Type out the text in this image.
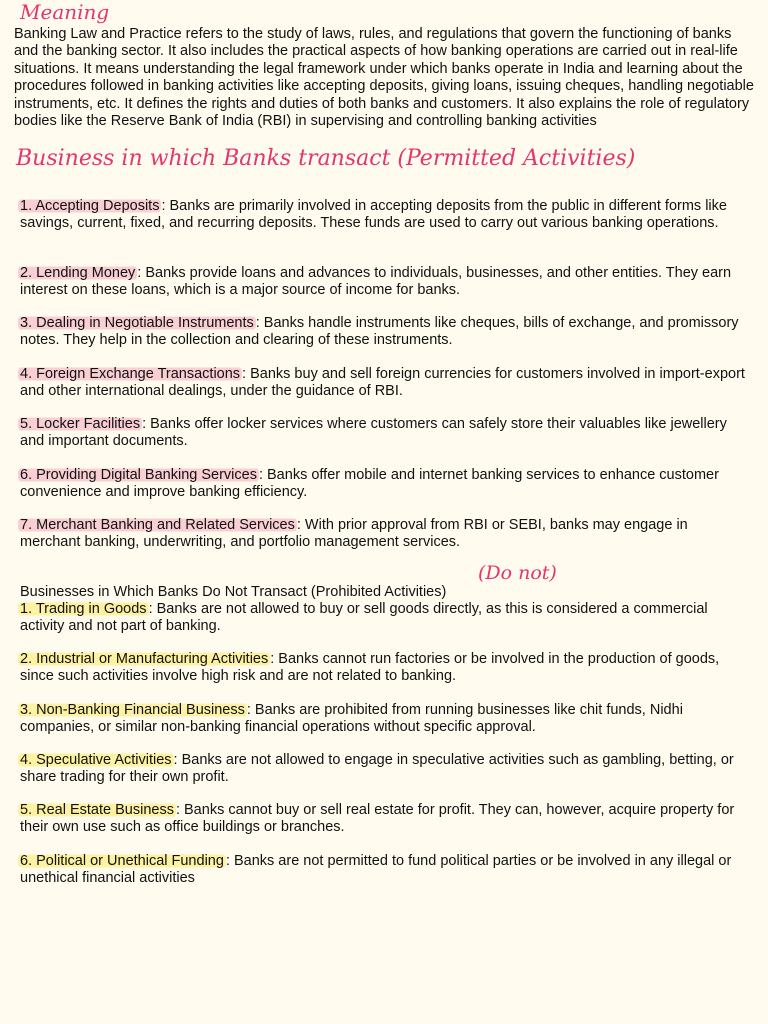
Meaning

Banking Law and Practice refers to the study of laws, rules, and regulations that govern the functioning of banks and the banking sector. It also includes the practical aspects of how banking operations are carried out in real-life situations. It means understanding the legal framework under which banks operate in India and learning about the procedures followed in banking activities like accepting deposits, giving loans, issuing cheques, handling negotiable instruments, etc. It defines the rights and duties of both banks and customers. It also explains the role of regulatory bodies like the Reserve Bank of India (RBI) in supervising and controlling banking activities

Business in which Banks transact (Permitted Activities)

1. Accepting Deposits : Banks are primarily involved in accepting deposits from the public in different forms like savings, current, fixed, and recurring deposits. These funds are used to carry out various banking operations.

2. Lending Money : Banks provide loans and advances to individuals, businesses, and other entities. They earn interest on these loans, which is a major source of income for banks.

3. Dealing in Negotiable Instruments : Banks handle instruments like cheques, bills of exchange, and promissory notes. They help in the collection and clearing of these instruments.

4. Foreign Exchange Transactions : Banks buy and sell foreign currencies for customers involved in import-export and other international dealings, under the guidance of RBI.

5. Locker Facilities : Banks offer locker services where customers can safely store their valuables like jewellery and important documents.

6. Providing Digital Banking Services : Banks offer mobile and internet banking services to enhance customer convenience and improve banking efficiency.

7. Merchant Banking and Related Services : With prior approval from RBI or SEBI, banks may engage in merchant banking, underwriting, and portfolio management services.

Businesses in Which Banks Do Not Transact (Prohibited Activities)
(Do not)

1. Trading in Goods : Banks are not allowed to buy or sell goods directly, as this is considered a commercial activity and not part of banking.

2. Industrial or Manufacturing Activities : Banks cannot run factories or be involved in the production of goods, since such activities involve high risk and are not related to banking.

3. Non-Banking Financial Business : Banks are prohibited from running businesses like chit funds, Nidhi companies, or similar non-banking financial operations without specific approval.

4. Speculative Activities : Banks are not allowed to engage in speculative activities such as gambling, betting, or share trading for their own profit.

5. Real Estate Business : Banks cannot buy or sell real estate for profit. They can, however, acquire property for their own use such as office buildings or branches.

6. Political or Unethical Funding : Banks are not permitted to fund political parties or be involved in any illegal or unethical financial activities
